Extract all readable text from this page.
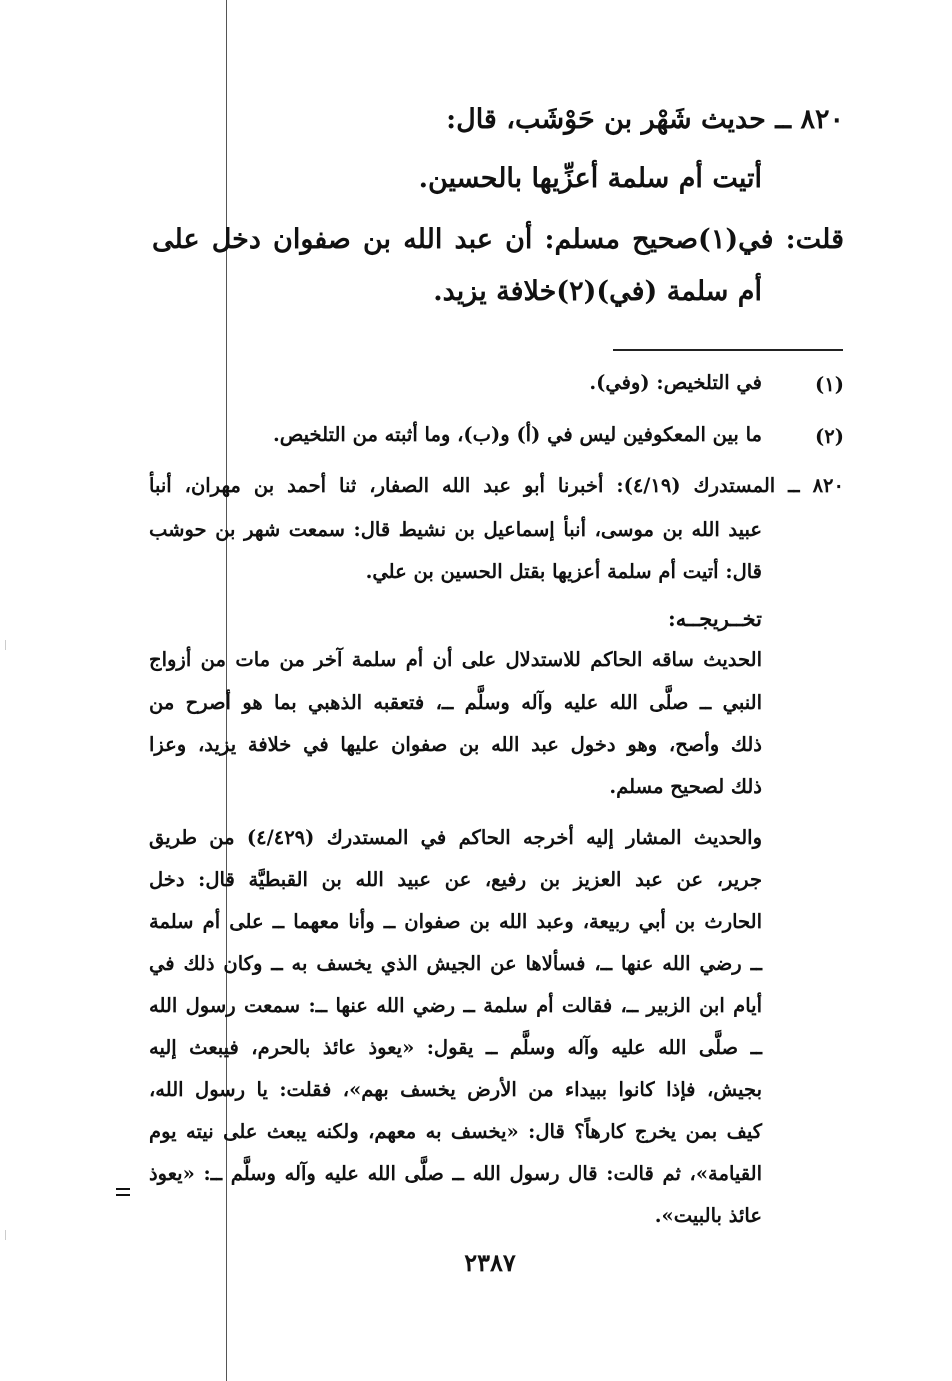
٨٢٠ ــ حديث شَهْر بن حَوْشَب، قال:
أتيت أم سلمة أعزِّيها بالحسين.
قلت: في(١)صحيح مسلم: أن عبد الله بن صفوان دخل على
أم سلمة (في)(٢)خلافة يزيد.
(١)
في التلخيص: (وفي).
(٢)
ما بين المعكوفين ليس في (أ) و(ب)، وما أثبته من التلخيص.
٨٢٠ ــ المستدرك (٤/١٩): أخبرنا أبو عبد الله الصفار، ثنا أحمد بن مهران، أنبأ
عبيد الله بن موسى، أنبأ إسماعيل بن نشيط قال: سمعت شهر بن حوشب
قال: أتيت أم سلمة أعزيها بقتل الحسين بن علي.
تخــريجــه:
الحديث ساقه الحاكم للاستدلال على أن أم سلمة آخر من مات من أزواج
النبي ــ صلَّى الله عليه وآله وسلَّم ــ، فتعقبه الذهبي بما هو أصرح من
ذلك وأصح، وهو دخول عبد الله بن صفوان عليها في خلافة يزيد، وعزا
ذلك لصحيح مسلم.
والحديث المشار إليه أخرجه الحاكم في المستدرك (٤/٤٢٩) من طريق
جرير، عن عبد العزيز بن رفيع، عن عبيد الله بن القبطيَّة قال: دخل
الحارث بن أبي ربيعة، وعبد الله بن صفوان ــ وأنا معهما ــ على أم سلمة
ــ رضي الله عنها ــ، فسألاها عن الجيش الذي يخسف به ــ وكان ذلك في
أيام ابن الزبير ــ، فقالت أم سلمة ــ رضي الله عنها ــ: سمعت رسول الله
ــ صلَّى الله عليه وآله وسلَّم ــ يقول: «يعوذ عائذ بالحرم، فيبعث إليه
بجيش، فإذا كانوا ببيداء من الأرض يخسف بهم»، فقلت: يا رسول الله،
كيف بمن يخرج كارهاً؟ قال: «يخسف به معهم، ولكنه يبعث على نيته يوم
القيامة»، ثم قالت: قال رسول الله ــ صلَّى الله عليه وآله وسلَّم ــ: «يعوذ
عائذ بالبيت».
٢٣٨٧
